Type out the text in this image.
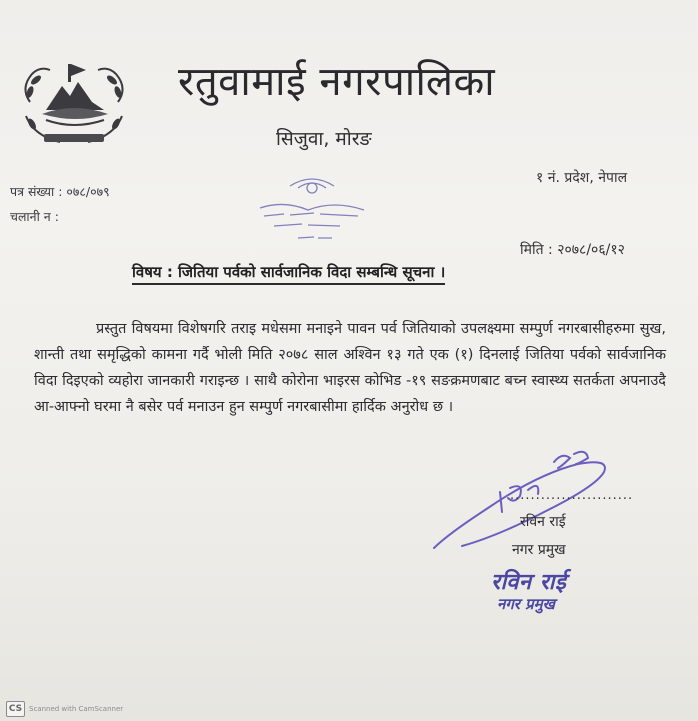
रतुवामाई नगरपालिका
सिजुवा, मोरङ
१ नं. प्रदेश, नेपाल
पत्र संख्या : ०७८/०७९
चलानी न :
मिति : २०७८/०६/१२
विषय : जितिया पर्वको सार्वजानिक विदा सम्बन्धि सूचना ।
प्रस्तुत विषयमा विशेषगरि तराइ मधेसमा मनाइने पावन पर्व जितियाको उपलक्ष्यमा सम्पुर्ण नगरबासीहरुमा सुख, शान्ती तथा समृद्धिको कामना गर्दै भोली मिति २०७८ साल अश्विन १३ गते एक (१) दिनलाई जितिया पर्वको सार्वजानिक विदा दिइएको व्यहोरा जानकारी गराइन्छ । साथै कोरोना भाइरस कोभिड -१९ सङक्रमणबाट बच्न स्वास्थ्य सतर्कता अपनाउदै आ-आफ्नो घरमा नै बसेर पर्व मनाउन हुन सम्पुर्ण नगरबासीमा हार्दिक अनुरोध छ ।
........................
रविन राई
नगर प्रमुख
रविन राई
नगर प्रमुख
CS Scanned with CamScanner
